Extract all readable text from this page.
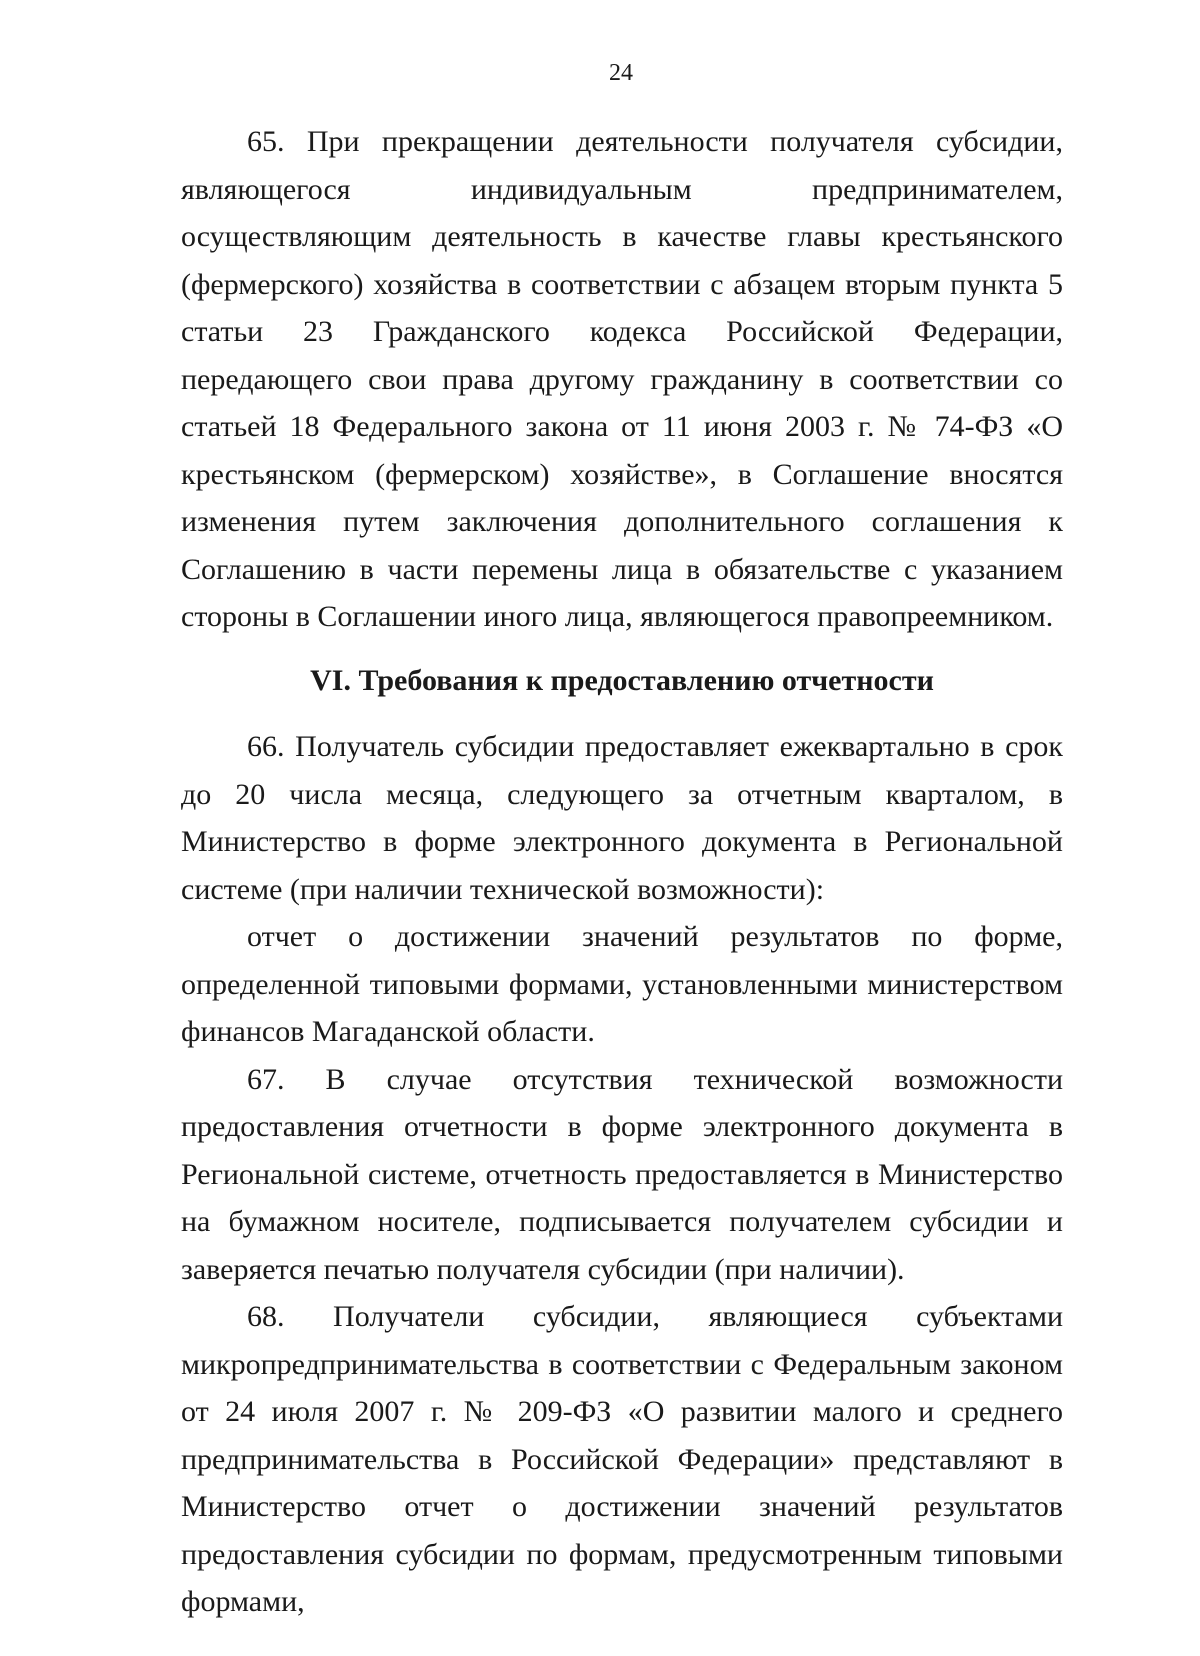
24

65. При прекращении деятельности получателя субсидии, являющегося индивидуальным предпринимателем, осуществляющим деятельность в качестве главы крестьянского (фермерского) хозяйства в соответствии с абзацем вторым пункта 5 статьи 23 Гражданского кодекса Российской Федерации, передающего свои права другому гражданину в соответствии со статьей 18 Федерального закона от 11 июня 2003 г. № 74-ФЗ «О крестьянском (фермерском) хозяйстве», в Соглашение вносятся изменения путем заключения дополнительного соглашения к Соглашению в части перемены лица в обязательстве с указанием стороны в Соглашении иного лица, являющегося правопреемником.

VI. Требования к предоставлению отчетности

66. Получатель субсидии предоставляет ежеквартально в срок до 20 числа месяца, следующего за отчетным кварталом, в Министерство в форме электронного документа в Региональной системе (при наличии технической возможности):

отчет о достижении значений результатов по форме, определенной типовыми формами, установленными министерством финансов Магаданской области.

67. В случае отсутствия технической возможности предоставления отчетности в форме электронного документа в Региональной системе, отчетность предоставляется в Министерство на бумажном носителе, подписывается получателем субсидии и заверяется печатью получателя субсидии (при наличии).

68. Получатели субсидии, являющиеся субъектами микропредпринимательства в соответствии с Федеральным законом от 24 июля 2007 г. № 209-ФЗ «О развитии малого и среднего предпринимательства в Российской Федерации» представляют в Министерство отчет о достижении значений результатов предоставления субсидии по формам, предусмотренным типовыми формами,
